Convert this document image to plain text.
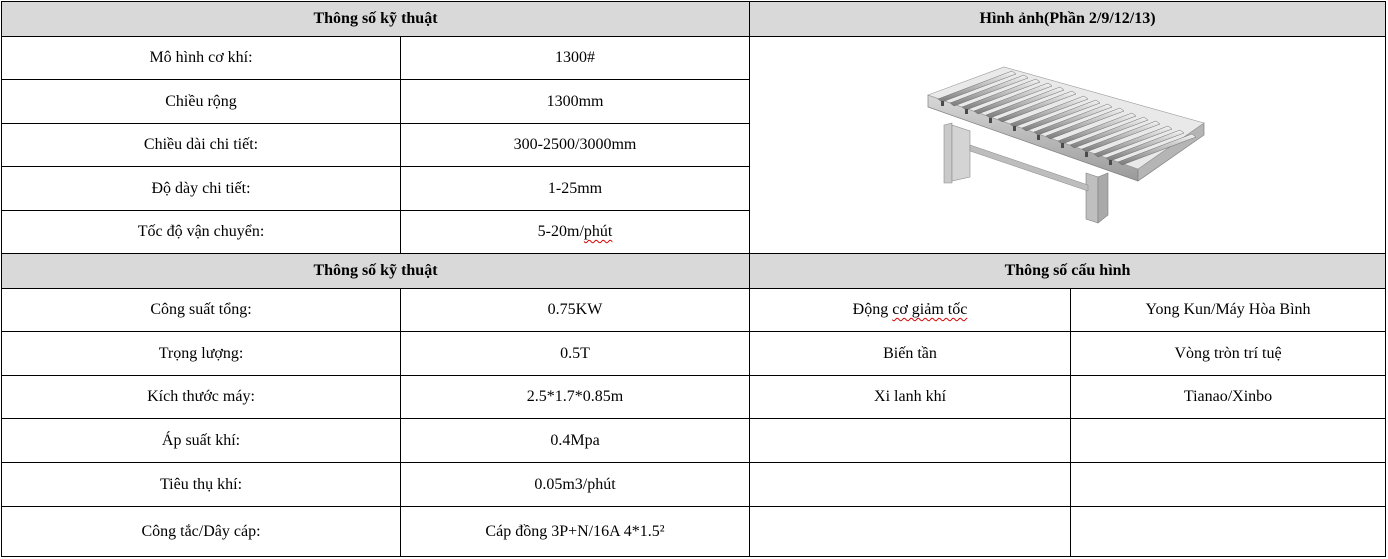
Thông số kỹ thuật		Hình ảnh(Phần 2/9/12/13)	
Mô hình cơ khí:	1300#	

Chiều rộng	1300mm		
Chiều dài chi tiết:	300-2500/3000mm		
Độ dày chi tiết:	1-25mm		
Tốc độ vận chuyển:	5-20m/phút		
Thông số kỹ thuật		Thông số cấu hình	
Công suất tổng:	0.75KW	Động cơ giảm tốc	Yong Kun/Máy Hòa Bình
Trọng lượng:	0.5T	Biến tần	Vòng tròn trí tuệ
Kích thước máy:	2.5*1.7*0.85m	Xi lanh khí	Tianao/Xinbo
Áp suất khí:	0.4Mpa		
Tiêu thụ khí:	0.05m3/phút		
Công tắc/Dây cáp:	Cáp đồng 3P+N/16A 4*1.5²		
